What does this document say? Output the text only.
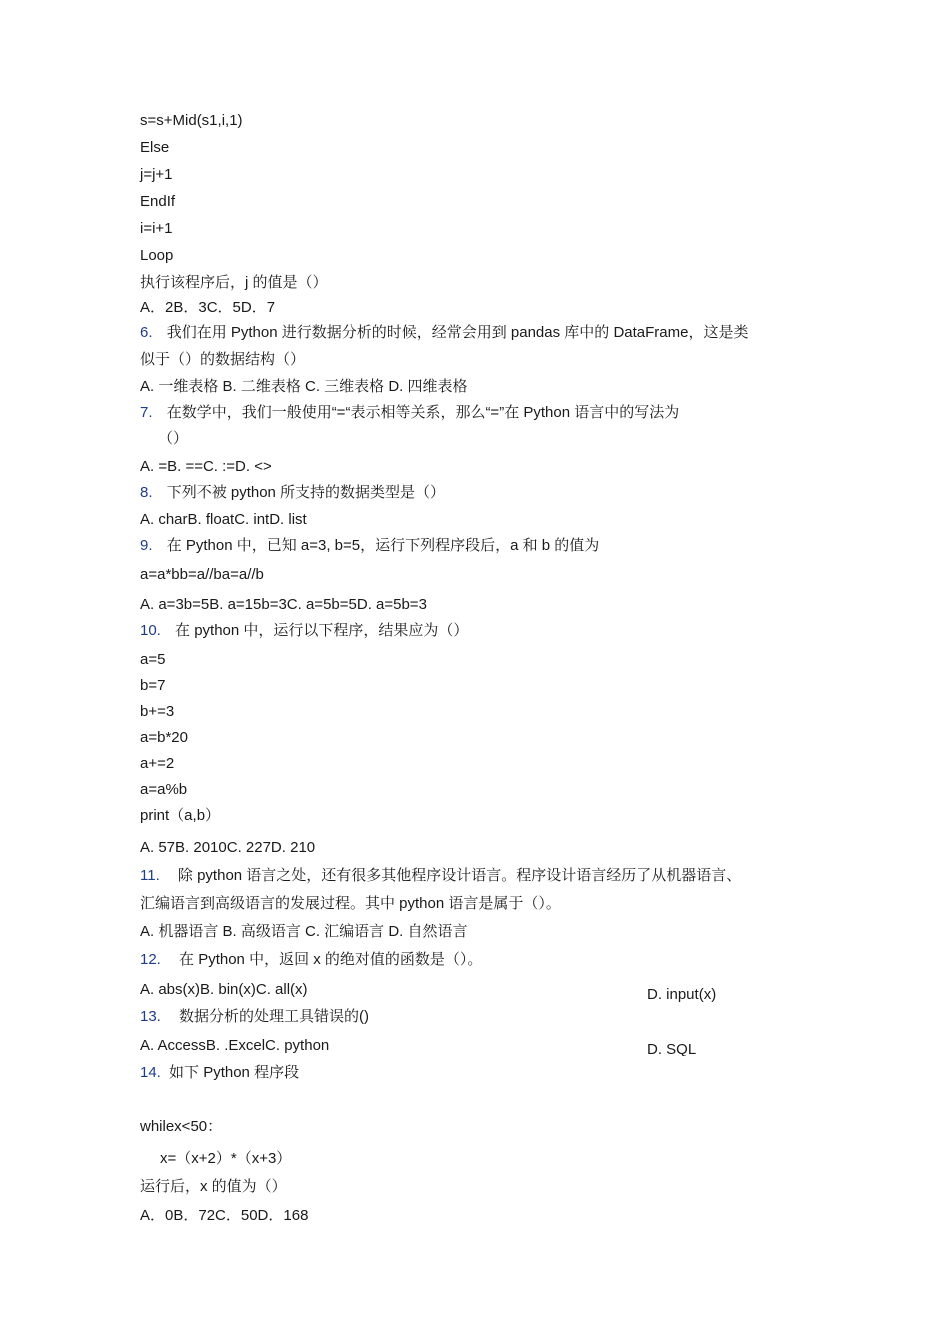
s=s+Mid(s1,i,1)
Else
j=j+1
EndIf
i=i+1
Loop
执行该程序后，j 的值是（）
A．2B．3C．5D．7
6. 我们在用 Python 进行数据分析的时候，经常会用到 pandas 库中的 DataFrame，这是类
似于（）的数据结构（）
A. 一维表格 B. 二维表格 C. 三维表格 D. 四维表格
7. 在数学中，我们一般使用“=“表示相等关系，那么“=”在 Python 语言中的写法为
（）
A. =B. ==C. :=D. <>
8. 下列不被 python 所支持的数据类型是（）
A. charB. floatC. intD. list
9. 在 Python 中，已知 a=3, b=5，运行下列程序段后，a 和 b 的值为
a=a*bb=a//ba=a//b
A. a=3b=5B. a=15b=3C. a=5b=5D. a=5b=3
10. 在 python 中，运行以下程序，结果应为（）
a=5
b=7
b+=3
a=b*20
a+=2
a=a%b
print（a,b）
A. 57B. 2010C. 227D. 210
11. 除 python 语言之处，还有很多其他程序设计语言。程序设计语言经历了从机器语言、
汇编语言到高级语言的发展过程。其中 python 语言是属于（）。
A. 机器语言 B. 高级语言 C. 汇编语言 D. 自然语言
12. 在 Python 中，返回 x 的绝对值的函数是（）。
A. abs(x)B. bin(x)C. all(x)	D. input(x)
13. 数据分析的处理工具错误的()
A. AccessB. .ExcelC. python	D. SQL
14. 如下 Python 程序段
whilex<50：
x=（x+2）*（x+3）
运行后，x 的值为（）
A．0B．72C．50D．168
